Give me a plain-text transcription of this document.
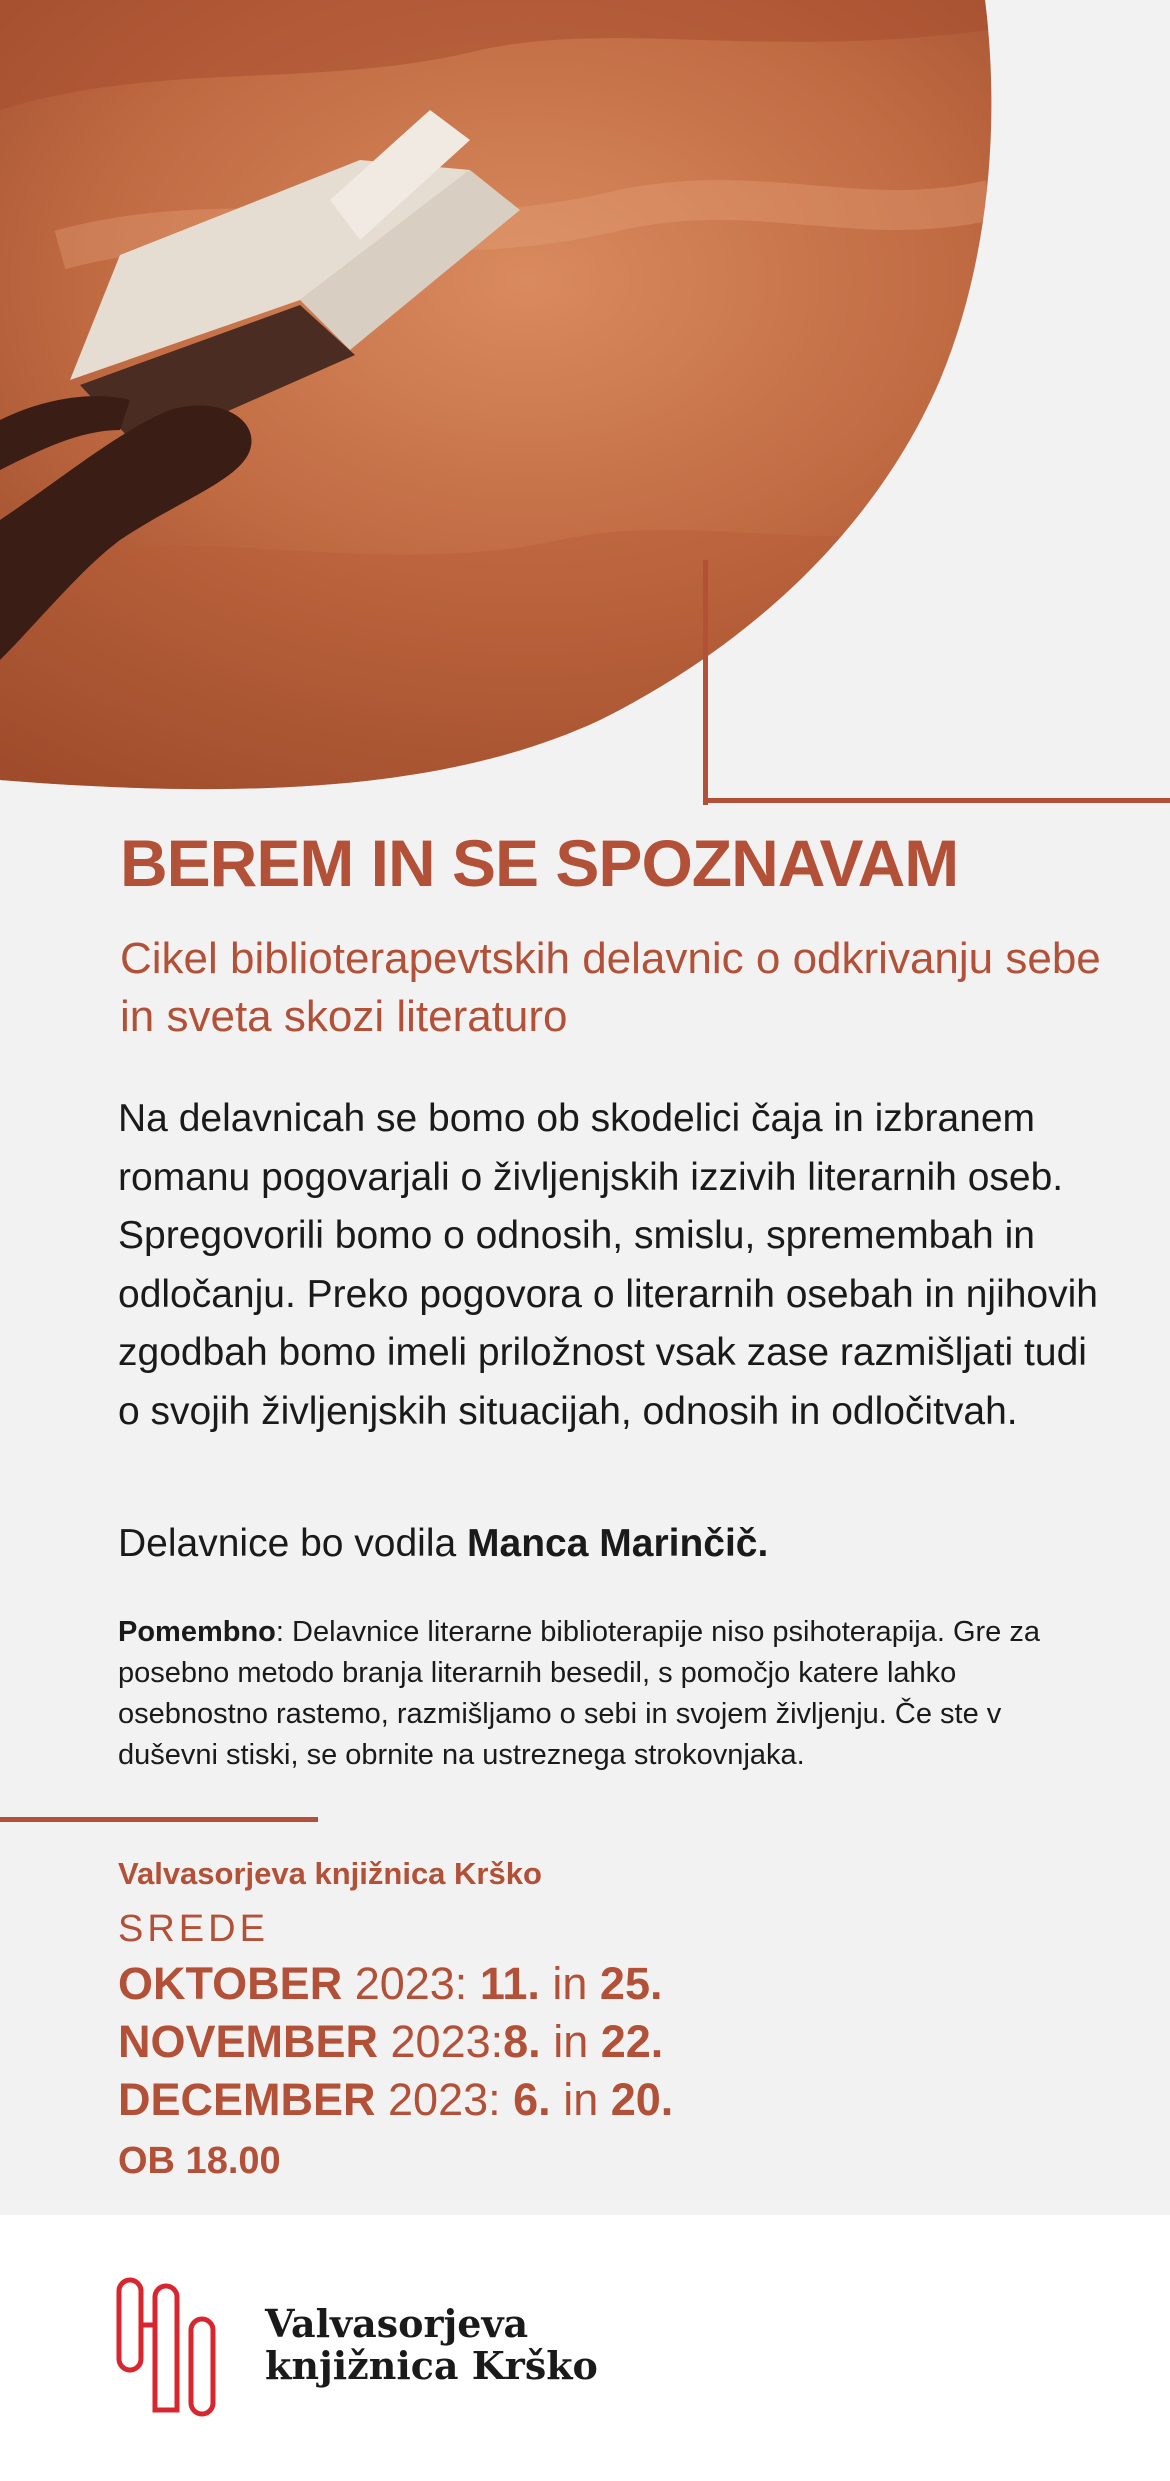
BEREM IN SE SPOZNAVAM

Cikel biblioterapevtskih delavnic o odkrivanju sebe in sveta skozi literaturo

Na delavnicah se bomo ob skodelici čaja in izbranem romanu pogovarjali o življenjskih izzivih literarnih oseb. Spregovorili bomo o odnosih, smislu, spremembah in odločanju. Preko pogovora o literarnih osebah in njihovih zgodbah bomo imeli priložnost vsak zase razmišljati tudi o svojih življenjskih situacijah, odnosih in odločitvah.

Delavnice bo vodila Manca Marinčič.

Pomembno: Delavnice literarne biblioterapije niso psihoterapija. Gre za posebno metodo branja literarnih besedil, s pomočjo katere lahko osebnostno rastemo, razmišljamo o sebi in svojem življenju. Če ste v duševni stiski, se obrnite na ustreznega strokovnjaka.

Valvasorjeva knjižnica Krško

SREDE

OKTOBER 2023: 11. in 25.
NOVEMBER 2023:8. in 22.
DECEMBER 2023: 6. in 20.

OB 18.00

Valvasorjeva
knjižnica Krško
